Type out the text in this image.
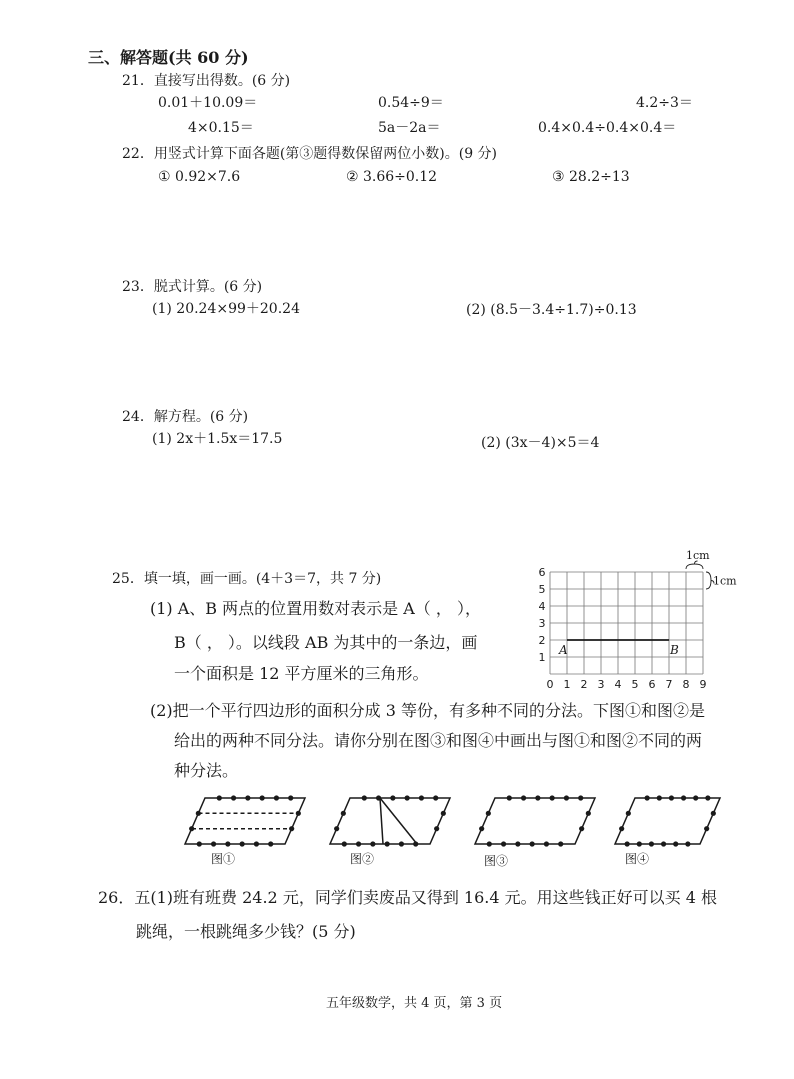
三、解答题(共 60 分)
21．直接写出得数。(6 分)
0.01＋10.09＝	0.54÷9＝	4.2÷3＝
4×0.15＝	5a－2a＝	0.4×0.4÷0.4×0.4＝
22．用竖式计算下面各题(第③题得数保留两位小数)。(9 分)
① 0.92×7.6	② 3.66÷0.12	③ 28.2÷13
23．脱式计算。(6 分)
(1) 20.24×99＋20.24	(2) (8.5－3.4÷1.7)÷0.13
24．解方程。(6 分)
(1) 2x＋1.5x＝17.5	(2) (3x－4)×5＝4
25．填一填，画一画。(4＋3＝7，共 7 分)
(1) A、B 两点的位置用数对表示是 A（ ， ），
B（ ， ）。以线段 AB 为其中的一条边，画
一个面积是 12 平方厘米的三角形。
(2)把一个平行四边形的面积分成 3 等份，有多种不同的分法。下图①和图②是
给出的两种不同分法。请你分别在图③和图④中画出与图①和图②不同的两
种分法。
0 1 2 3 4 5 6 7 8 9
1
2
3
4
5
6
A	B
1cm
1cm
图①	图②	图③	图④
26．五(1)班有班费 24.2 元，同学们卖废品又得到 16.4 元。用这些钱正好可以买 4 根
跳绳，一根跳绳多少钱？(5 分)
五年级数学，共 4 页，第 3 页
